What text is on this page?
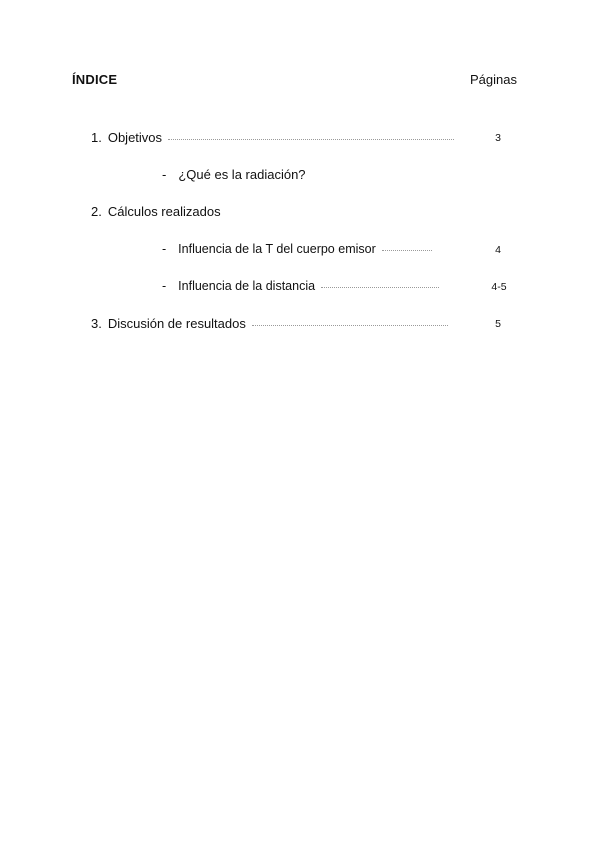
ÍNDICE	Páginas
1. Objetivos	3
- ¿Qué es la radiación?
2. Cálculos realizados
- Influencia de la T del cuerpo emisor	4
- Influencia de la distancia	4-5
3. Discusión de resultados	5
